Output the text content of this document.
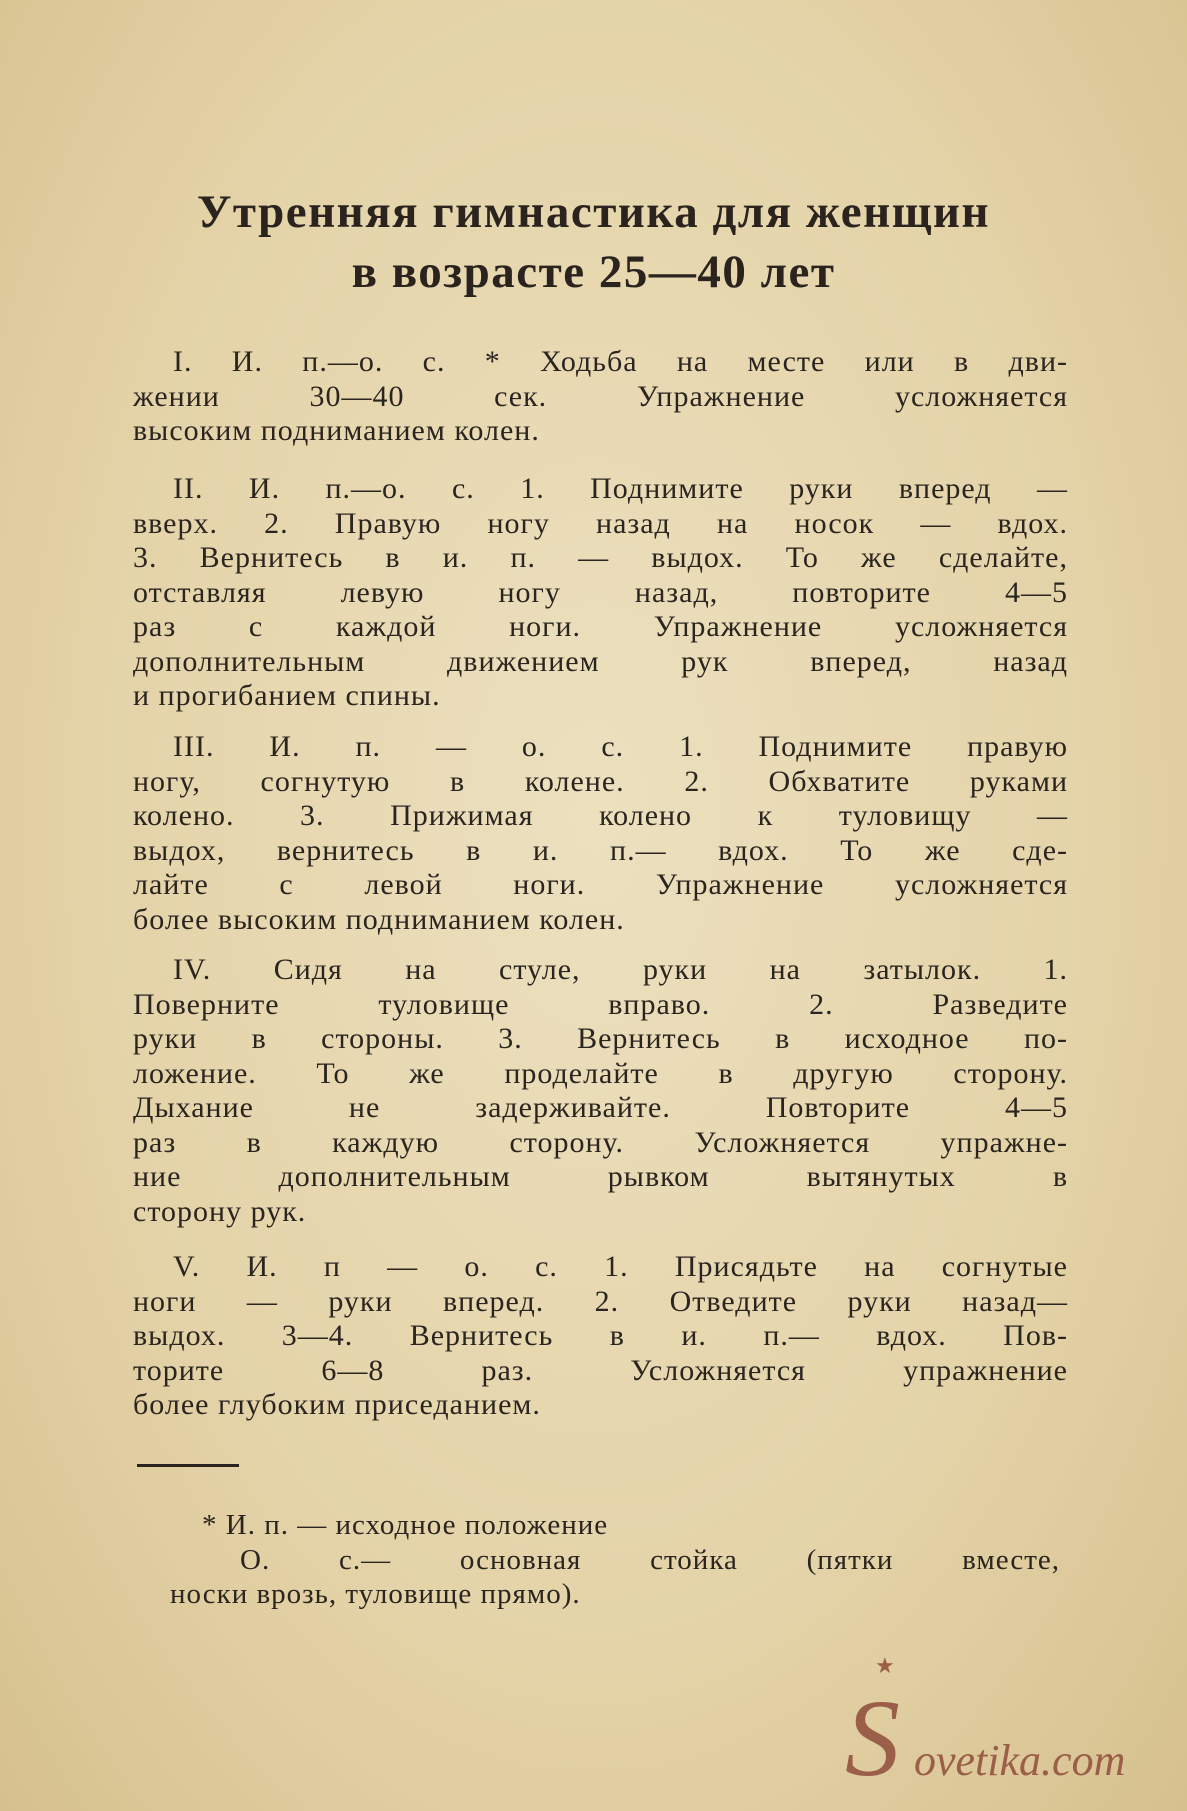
Утренняя гимнастика для женщин
в возрасте 25—40 лет
I. И. п.—о. с. * Ходьба на месте или в дви-
жении 30—40 сек. Упражнение усложняется
высоким подниманием колен.
II. И. п.—о. с. 1. Поднимите руки вперед —
вверх. 2. Правую ногу назад на носок — вдох.
3. Вернитесь в и. п. — выдох. То же сделайте,
отставляя левую ногу назад, повторите 4—5
раз с каждой ноги. Упражнение усложняется
дополнительным движением рук вперед, назад
и прогибанием спины.
III. И. п. — о. с. 1. Поднимите правую
ногу, согнутую в колене. 2. Обхватите руками
колено. 3. Прижимая колено к туловищу —
выдох, вернитесь в и. п.— вдох. То же сде-
лайте с левой ноги. Упражнение усложняется
более высоким подниманием колен.
IV. Сидя на стуле, руки на затылок. 1.
Поверните туловище вправо. 2. Разведите
руки в стороны. 3. Вернитесь в исходное по-
ложение. То же проделайте в другую сторону.
Дыхание не задерживайте. Повторите 4—5
раз в каждую сторону. Усложняется упражне-
ние дополнительным рывком вытянутых в
сторону рук.
V. И. п — о. с. 1. Присядьте на согнутые
ноги — руки вперед. 2. Отведите руки назад—
выдох. 3—4. Вернитесь в и. п.— вдох. Пов-
торите 6—8 раз. Усложняется упражнение
более глубоким приседанием.
* И. п. — исходное положение
О. с.— основная стойка (пятки вместе,
носки врозь, туловище прямо).
★
S ovetika.com
